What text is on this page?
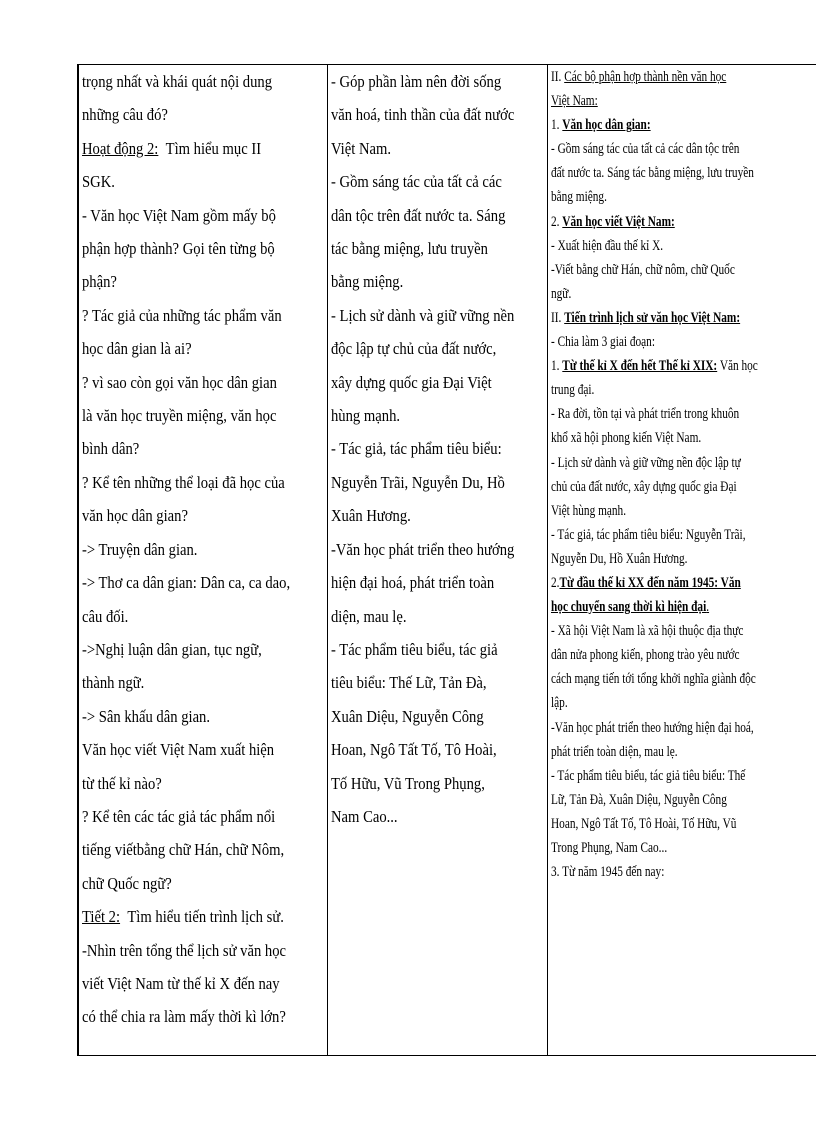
trọng nhất và khái quát nội dung
những câu đó?
Hoạt động 2: Tìm hiểu mục II
SGK.
- Văn học Việt Nam gồm mấy bộ
phận hợp thành? Gọi tên từng bộ
phận?
? Tác giả của những tác phẩm văn
học dân gian là ai?
? vì sao còn gọi văn học dân gian
là văn học truyền miệng, văn học
bình dân?
? Kể tên những thể loại đã học của
văn học dân gian?
-> Truyện dân gian.
-> Thơ ca dân gian: Dân ca, ca dao,
câu đối.
->Nghị luận dân gian, tục ngữ,
thành ngữ.
-> Sân khấu dân gian.
Văn học viết Việt Nam xuất hiện
từ thế kỉ nào?
? Kể tên các tác giả tác phẩm nổi
tiếng viếtbằng chữ Hán, chữ Nôm,
chữ Quốc ngữ?
Tiết 2: Tìm hiểu tiến trình lịch sử.
-Nhìn trên tổng thể lịch sử văn học
viết Việt Nam từ thế kỉ X đến nay
có thể chia ra làm mấy thời kì lớn?

- Góp phần làm nên đời sống
văn hoá, tinh thần của đất nước
Việt Nam.
- Gồm sáng tác của tất cả các
dân tộc trên đất nước ta. Sáng
tác bằng miệng, lưu truyền
bằng miệng.
- Lịch sử dành và giữ vững nền
độc lập tự chủ của đất nước,
xây dựng quốc gia Đại Việt
hùng mạnh.
- Tác giả, tác phẩm tiêu biểu:
Nguyễn Trãi, Nguyễn Du, Hồ
Xuân Hương.
-Văn học phát triển theo hướng
hiện đại hoá, phát triển toàn
diện, mau lẹ.
- Tác phẩm tiêu biểu, tác giả
tiêu biểu: Thế Lữ, Tản Đà,
Xuân Diệu, Nguyễn Công
Hoan, Ngô Tất Tố, Tô Hoài,
Tố Hữu, Vũ Trong Phụng,
Nam Cao...

II. Các bộ phận hợp thành nền văn học
Việt Nam:
1. Văn học dân gian:
- Gồm sáng tác của tất cả các dân tộc trên
đất nước ta. Sáng tác bằng miệng, lưu truyền
bằng miệng.
2. Văn học viết Việt Nam:
- Xuất hiện đầu thế kỉ X.
-Viết bằng chữ Hán, chữ nôm, chữ Quốc
ngữ.
II. Tiến trình lịch sử văn học Việt Nam:
- Chia làm 3 giai đoạn:
1. Từ thế kỉ X đến hết Thế kỉ XIX: Văn học
trung đại.
- Ra đời, tồn tại và phát triển trong khuôn
khổ xã hội phong kiến Việt Nam.
- Lịch sử dành và giữ vững nền độc lập tự
chủ của đất nước, xây dựng quốc gia Đại
Việt hùng mạnh.
- Tác giả, tác phẩm tiêu biểu: Nguyễn Trãi,
Nguyễn Du, Hồ Xuân Hương.
2.Từ đầu thế kỉ XX đến năm 1945: Văn
học chuyển sang thời kì hiện đại.
- Xã hội Việt Nam là xã hội thuộc địa thực
dân nửa phong kiến, phong trào yêu nước
cách mạng tiến tới tổng khởi nghĩa giành độc
lập.
-Văn học phát triển theo hướng hiện đại hoá,
phát triển toàn diện, mau lẹ.
- Tác phẩm tiêu biểu, tác giả tiêu biểu: Thế
Lữ, Tản Đà, Xuân Diệu, Nguyễn Công
Hoan, Ngô Tất Tố, Tô Hoài, Tố Hữu, Vũ
Trong Phụng, Nam Cao...
3. Từ năm 1945 đến nay:
